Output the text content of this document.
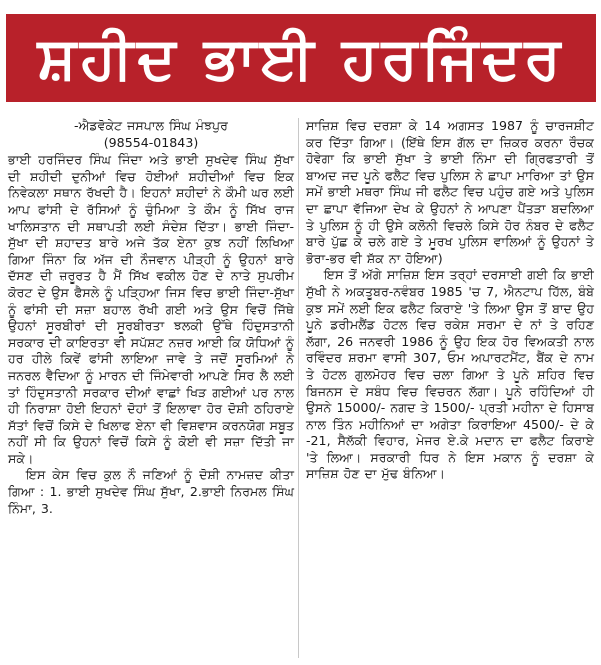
ਸ਼ਹੀਦ ਭਾਈ ਹਰਜਿੰਦਰ

-ਐਡਵੋਕੇਟ ਜਸਪਾਲ ਸਿੰਘ ਮੰਝਪੁਰ

(98554-01843)

ਭਾਈ ਹਰਜਿੰਦਰ ਸਿੰਘ ਜਿੰਦਾ ਅਤੇ ਭਾਈ ਸੁਖਦੇਵ ਸਿੰਘ ਸੁੱਖਾ ਦੀ ਸ਼ਹੀਦੀ ਦੁਨੀਆਂ ਵਿਚ ਹੋਈਆਂ ਸ਼ਹੀਦੀਆਂ ਵਿਚ ਇਕ ਨਿਵੇਕਲਾ ਸਥਾਨ ਰੱਖਦੀ ਹੈ। ਇਹਨਾਂ ਸ਼ਹੀਦਾਂ ਨੇ ਕੌਮੀ ਘਰ ਲਈ ਆਪ ਫਾਂਸੀ ਦੇ ਰੱਸਿਆਂ ਨੂੰ ਚੁੰਮਿਆ ਤੇ ਕੌਮ ਨੂੰ ਸਿੱਖ ਰਾਜ ਖਾਲਿਸਤਾਨ ਦੀ ਸਥਾਪਤੀ ਲਈ ਸੰਦੇਸ਼ ਦਿੱਤਾ। ਭਾਈ ਜਿੰਦਾ-ਸੁੱਖਾ ਦੀ ਸ਼ਹਾਦਤ ਬਾਰੇ ਅਜੇ ਤੱਕ ਏਨਾ ਕੁਝ ਨਹੀਂ ਲਿਖਿਆ ਗਿਆ ਜਿੰਨਾ ਕਿ ਅੱਜ ਦੀ ਨੌਜਵਾਨ ਪੀੜ੍ਹੀ ਨੂੰ ਉਹਨਾਂ ਬਾਰੇ ਦੱਸਣ ਦੀ ਜ਼ਰੂਰਤ ਹੈ ਮੈਂ ਸਿੱਖ ਵਕੀਲ ਹੋਣ ਦੇ ਨਾਤੇ ਸੁਪਰੀਮ ਕੋਰਟ ਦੇ ਉਸ ਫੈਸਲੇ ਨੂੰ ਪੜ੍ਹਿਆ ਜਿਸ ਵਿਚ ਭਾਈ ਜਿੰਦਾ-ਸੁੱਖਾ ਨੂੰ ਫਾਂਸੀ ਦੀ ਸਜ਼ਾ ਬਹਾਲ ਰੱਖੀ ਗਈ ਅਤੇ ਉਸ ਵਿਚੋਂ ਜਿੱਥੇ ਉਹਨਾਂ ਸੂਰਬੀਰਾਂ ਦੀ ਸੂਰਬੀਰਤਾ ਝਲਕੀ ਉੱਥੇ ਹਿੰਦੁਸਤਾਨੀ ਸਰਕਾਰ ਦੀ ਕਾਇਰਤਾ ਵੀ ਸਪੱਸ਼ਟ ਨਜ਼ਰ ਆਈ ਕਿ ਯੋਧਿਆਂ ਨੂੰ ਹਰ ਹੀਲੇ ਕਿਵੇਂ ਫਾਂਸੀ ਲਾਇਆ ਜਾਵੇ ਤੇ ਜਦੋਂ ਸੂਰਮਿਆਂ ਨੇ ਜਨਰਲ ਵੈਦਿਆ ਨੂੰ ਮਾਰਨ ਦੀ ਜਿੰਮੇਵਾਰੀ ਆਪਣੇ ਸਿਰ ਲੈ ਲਈ ਤਾਂ ਹਿੰਦੁਸਤਾਨੀ ਸਰਕਾਰ ਦੀਆਂ ਵਾਛਾਂ ਖਿੜ ਗਈਆਂ ਪਰ ਨਾਲ ਹੀ ਨਿਰਾਸ਼ਾ ਹੋਈ ਇਹਨਾਂ ਦੋਹਾਂ ਤੋਂ ਇਲਾਵਾ ਹੋਰ ਦੋਸ਼ੀ ਠਹਿਰਾਏ ਸੱਤਾਂ ਵਿਚੋਂ ਕਿਸੇ ਦੇ ਖਿਲਾਫ ਏਨਾ ਵੀ ਵਿਸ਼ਵਾਸ ਕਰਨਯੋਗ ਸਬੂਤ ਨਹੀਂ ਸੀ ਕਿ ਉਹਨਾਂ ਵਿਚੋਂ ਕਿਸੇ ਨੂੰ ਕੋਈ ਵੀ ਸਜ਼ਾ ਦਿੱਤੀ ਜਾ ਸਕੇ।

ਇਸ ਕੇਸ ਵਿਚ ਕੁਲ ਨੌ ਜਣਿਆਂ ਨੂੰ ਦੋਸ਼ੀ ਨਾਮਜ਼ਦ ਕੀਤਾ ਗਿਆ : 1. ਭਾਈ ਸੁਖਦੇਵ ਸਿੰਘ ਸੁੱਖਾ, 2.ਭਾਈ ਨਿਰਮਲ ਸਿੰਘ ਨਿੰਮਾ, 3.

ਸਾਜ਼ਿਸ਼ ਵਿਚ ਦਰਸ਼ਾ ਕੇ 14 ਅਗਸਤ 1987 ਨੂੰ ਚਾਰਜਸ਼ੀਟ ਕਰ ਦਿੱਤਾ ਗਿਆ। (ਇੱਥੇ ਇਸ ਗੱਲ ਦਾ ਜ਼ਿਕਰ ਕਰਨਾ ਰੌਚਕ ਹੋਵੇਗਾ ਕਿ ਭਾਈ ਸੁੱਖਾ ਤੇ ਭਾਈ ਨਿੰਮਾ ਦੀ ਗ੍ਰਿਫਤਾਰੀ ਤੋਂ ਬਾਅਦ ਜਦ ਪੂਨੇ ਫਲੈਟ ਵਿਚ ਪੁਲਿਸ ਨੇ ਛਾਪਾ ਮਾਰਿਆ ਤਾਂ ਉਸ ਸਮੇਂ ਭਾਈ ਮਥਰਾ ਸਿੰਘ ਜੀ ਫਲੈਟ ਵਿਚ ਪਹੁੰਚ ਗਏ ਅਤੇ ਪੁਲਿਸ ਦਾ ਛਾਪਾ ਵੱਜਿਆ ਦੇਖ ਕੇ ਉਹਨਾਂ ਨੇ ਆਪਣਾ ਪੈਂਤੜਾ ਬਦਲਿਆ ਤੇ ਪੁਲਿਸ ਨੂੰ ਹੀ ਉਸੇ ਕਲੋਨੀ ਵਿਚਲੇ ਕਿਸੇ ਹੋਰ ਨੰਬਰ ਦੇ ਫਲੈਟ ਬਾਰੇ ਪੁੱਛ ਕੇ ਚਲੇ ਗਏ ਤੇ ਮੂਰਖ ਪੁਲਿਸ ਵਾਲਿਆਂ ਨੂੰ ਉਹਨਾਂ ਤੇ ਭੋਰਾ-ਭਰ ਵੀ ਸ਼ੱਕ ਨਾ ਹੋਇਆ)

ਇਸ ਤੋਂ ਅੱਗੇ ਸਾਜ਼ਿਸ਼ ਇਸ ਤਰ੍ਹਾਂ ਦਰਸਾਈ ਗਈ ਕਿ ਭਾਈ ਸੁੱਖੀ ਨੇ ਅਕਤੂਬਰ-ਨਵੰਬਰ 1985 'ਚ 7, ਐਨਟਾਪ ਹਿੱਲ, ਬੰਬੇ ਕੁਝ ਸਮੇਂ ਲਈ ਇਕ ਫਲੈਟ ਕਿਰਾਏ 'ਤੇ ਲਿਆ ਉਸ ਤੋਂ ਬਾਦ ਉਹ ਪੂਨੇ ਡਰੀਮਲੈਂਡ ਹੋਟਲ ਵਿਚ ਰਕੇਸ਼ ਸਰਮਾ ਦੇ ਨਾਂ ਤੇ ਰਹਿਣ ਲੱਗਾ, 26 ਜਨਵਰੀ 1986 ਨੂੰ ਉਹ ਇਕ ਹੋਰ ਵਿਅਕਤੀ ਨਾਲ ਰਵਿੰਦਰ ਸ਼ਰਮਾ ਵਾਸੀ 307, ਓਮ ਅਪਾਰਟਮੈਂਟ, ਬੈਂਕ ਦੇ ਨਾਮ ਤੇ ਹੋਟਲ ਗੁਲਮੋਹਰ ਵਿਚ ਚਲਾ ਗਿਆ ਤੇ ਪੂਨੇ ਸ਼ਹਿਰ ਵਿਚ ਬਿਜਨਸ ਦੇ ਸਬੰਧ ਵਿਚ ਵਿਚਰਨ ਲੱਗਾ। ਪੂਨੇ ਰਹਿੰਦਿਆਂ ਹੀ ਉਸਨੇ 15000/- ਨਗਦ ਤੇ 1500/- ਪ੍ਰਤੀ ਮਹੀਨਾ ਦੇ ਹਿਸਾਬ ਨਾਲ ਤਿੰਨ ਮਹੀਨਿਆਂ ਦਾ ਅਗੇਤਾ ਕਿਰਾਇਆ 4500/- ਦੇ ਕੇ -21, ਸੈਲੱਕੀ ਵਿਹਾਰ, ਮੇਜਰ ਏ.ਕੇ ਮਦਾਨ ਦਾ ਫਲੈਟ ਕਿਰਾਏ 'ਤੇ ਲਿਆ। ਸਰਕਾਰੀ ਧਿਰ ਨੇ ਇਸ ਮਕਾਨ ਨੂੰ ਦਰਸ਼ਾ ਕੇ ਸਾਜ਼ਿਸ਼ ਹੋਣ ਦਾ ਮੁੱਢ ਬੰਨਿਆ।
